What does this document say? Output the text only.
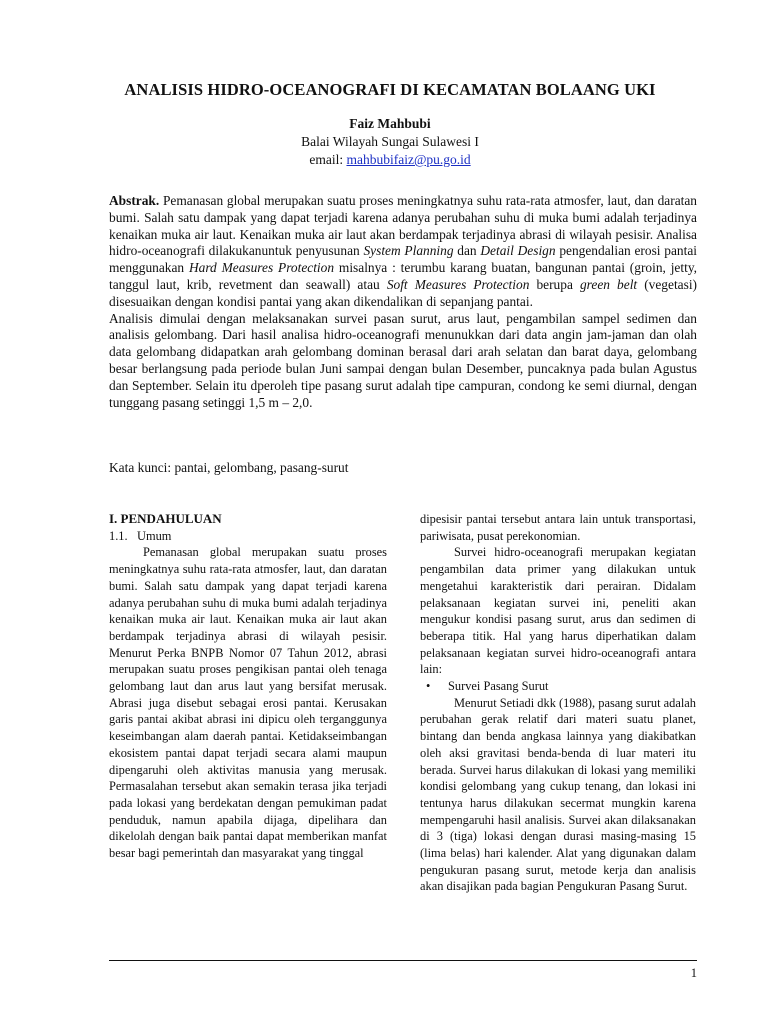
ANALISIS HIDRO-OCEANOGRAFI DI KECAMATAN BOLAANG UKI
Faiz Mahbubi
Balai Wilayah Sungai Sulawesi I
email: mahbubifaiz@pu.go.id

Abstrak. Pemanasan global merupakan suatu proses meningkatnya suhu rata-rata atmosfer, laut, dan daratan bumi. Salah satu dampak yang dapat terjadi karena adanya perubahan suhu di muka bumi adalah terjadinya kenaikan muka air laut. Kenaikan muka air laut akan berdampak terjadinya abrasi di wilayah pesisir. Analisa hidro-oceanografi dilakukanuntuk penyusunan System Planning dan Detail Design pengendalian erosi pantai menggunakan Hard Measures Protection misalnya : terumbu karang buatan, bangunan pantai (groin, jetty, tanggul laut, krib, revetment dan seawall) atau Soft Measures Protection berupa green belt (vegetasi) disesuaikan dengan kondisi pantai yang akan dikendalikan di sepanjang pantai.

Analisis dimulai dengan melaksanakan survei pasan surut, arus laut, pengambilan sampel sedimen dan analisis gelombang. Dari hasil analisa hidro-oceanografi menunukkan dari data angin jam-jaman dan olah data gelombang didapatkan arah gelombang dominan berasal dari arah selatan dan barat daya, gelombang besar berlangsung pada periode bulan Juni sampai dengan bulan Desember, puncaknya pada bulan Agustus dan September. Selain itu dperoleh tipe pasang surut adalah tipe campuran, condong ke semi diurnal, dengan tunggang pasang setinggi 1,5 m – 2,0.

Kata kunci: pantai, gelombang, pasang-surut

I. PENDAHULUAN

1.1. Umum

Pemanasan global merupakan suatu proses meningkatnya suhu rata-rata atmosfer, laut, dan daratan bumi. Salah satu dampak yang dapat terjadi karena adanya perubahan suhu di muka bumi adalah terjadinya kenaikan muka air laut. Kenaikan muka air laut akan berdampak terjadinya abrasi di wilayah pesisir. Menurut Perka BNPB Nomor 07 Tahun 2012, abrasi merupakan suatu proses pengikisan pantai oleh tenaga gelombang laut dan arus laut yang bersifat merusak. Abrasi juga disebut sebagai erosi pantai. Kerusakan garis pantai akibat abrasi ini dipicu oleh terganggunya keseimbangan alam daerah pantai. Ketidakseimbangan ekosistem pantai dapat terjadi secara alami maupun dipengaruhi oleh aktivitas manusia yang merusak. Permasalahan tersebut akan semakin terasa jika terjadi pada lokasi yang berdekatan dengan pemukiman padat penduduk, namun apabila dijaga, dipelihara dan dikelolah dengan baik pantai dapat memberikan manfat besar bagi pemerintah dan masyarakat yang tinggal

dipesisir pantai tersebut antara lain untuk transportasi, pariwisata, pusat perekonomian.

Survei hidro-oceanografi merupakan kegiatan pengambilan data primer yang dilakukan untuk mengetahui karakteristik dari perairan. Didalam pelaksanaan kegiatan survei ini, peneliti akan mengukur kondisi pasang surut, arus dan sedimen di beberapa titik. Hal yang harus diperhatikan dalam pelaksanaan kegiatan survei hidro-oceanografi antara lain:

• Survei Pasang Surut

Menurut Setiadi dkk (1988), pasang surut adalah perubahan gerak relatif dari materi suatu planet, bintang dan benda angkasa lainnya yang diakibatkan oleh aksi gravitasi benda-benda di luar materi itu berada. Survei harus dilakukan di lokasi yang memiliki kondisi gelombang yang cukup tenang, dan lokasi ini tentunya harus dilakukan secermat mungkin karena mempengaruhi hasil analisis. Survei akan dilaksanakan di 3 (tiga) lokasi dengan durasi masing-masing 15 (lima belas) hari kalender. Alat yang digunakan dalam pengukuran pasang surut, metode kerja dan analisis akan disajikan pada bagian Pengukuran Pasang Surut.

1
